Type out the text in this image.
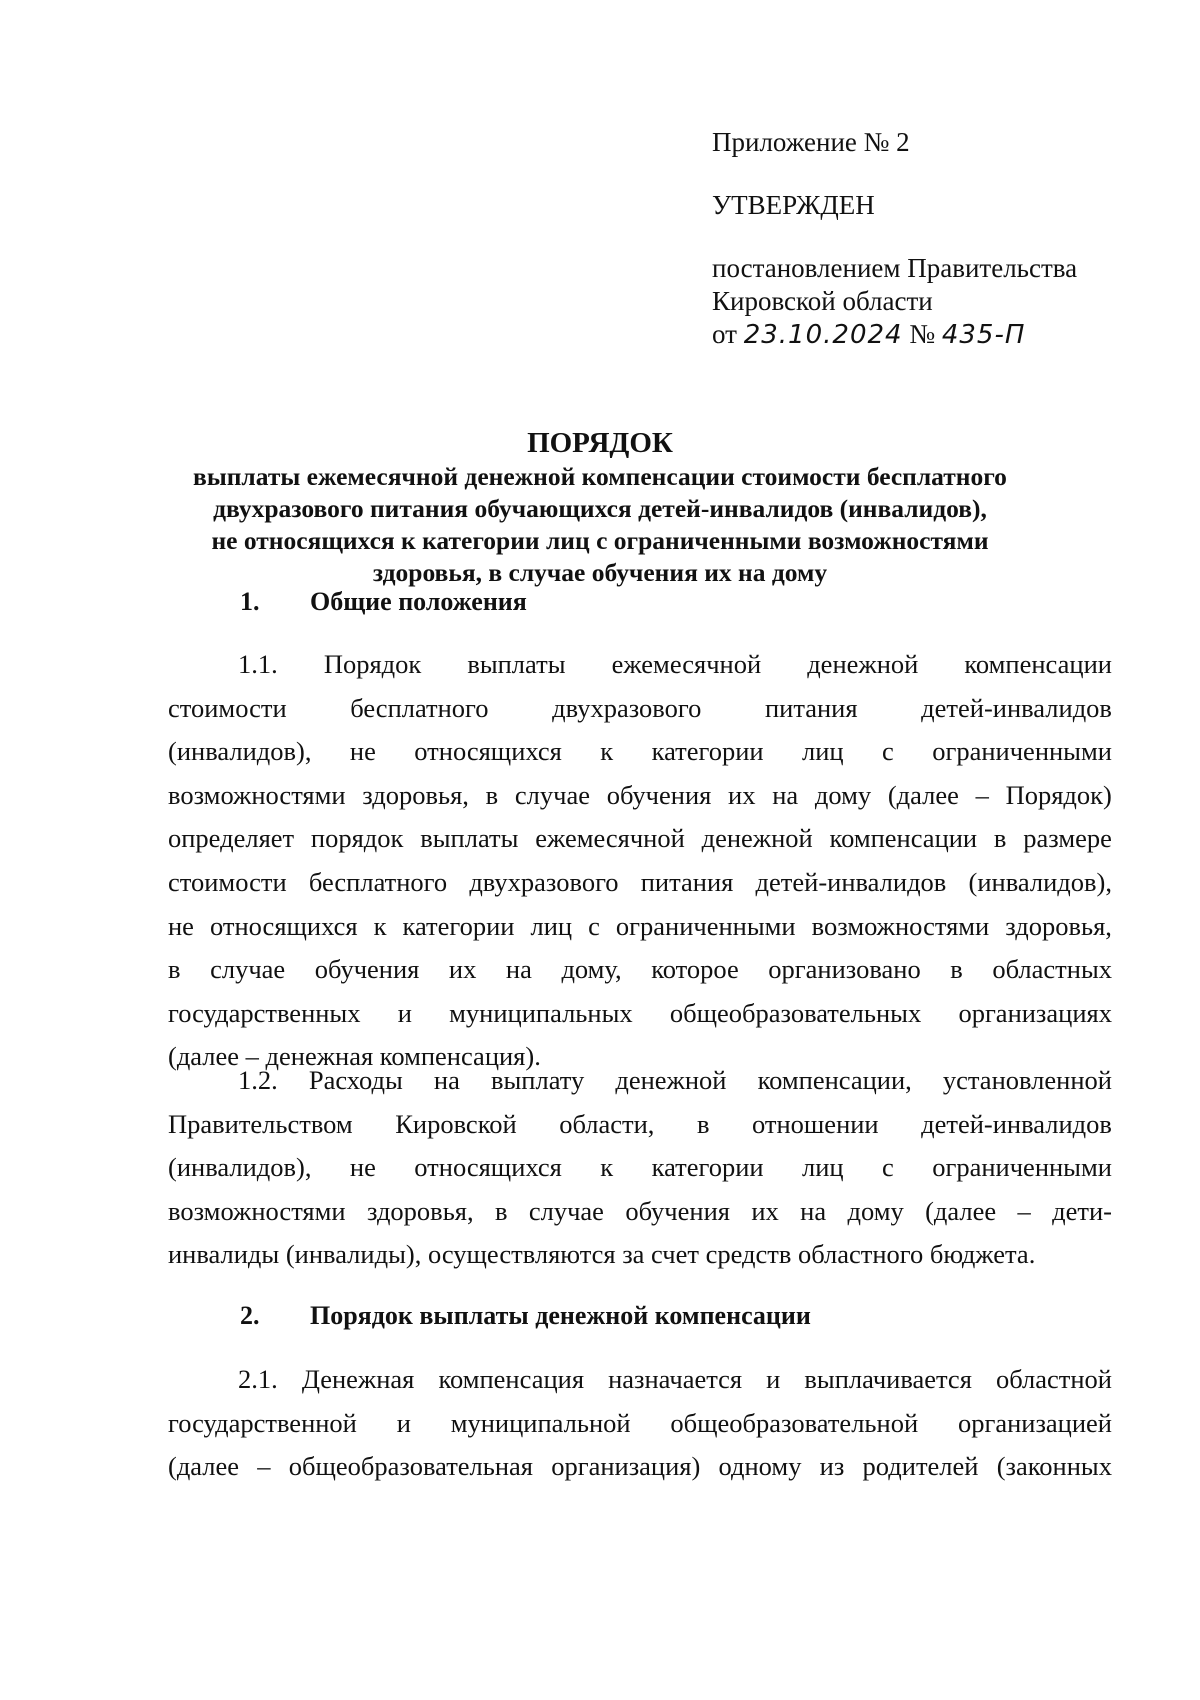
Приложение № 2
УТВЕРЖДЕН
постановлением Правительства
Кировской области
от 23.10.2024 № 435-П
ПОРЯДОК
выплаты ежемесячной денежной компенсации стоимости бесплатного
двухразового питания обучающихся детей-инвалидов (инвалидов),
не относящихся к категории лиц с ограниченными возможностями
здоровья, в случае обучения их на дому
1. Общие положения
1.1. Порядок выплаты ежемесячной денежной компенсации
стоимости бесплатного двухразового питания детей-инвалидов
(инвалидов), не относящихся к категории лиц с ограниченными
возможностями здоровья, в случае обучения их на дому (далее – Порядок)
определяет порядок выплаты ежемесячной денежной компенсации в размере
стоимости бесплатного двухразового питания детей-инвалидов (инвалидов),
не относящихся к категории лиц с ограниченными возможностями здоровья,
в случае обучения их на дому, которое организовано в областных
государственных и муниципальных общеобразовательных организациях
(далее – денежная компенсация).
1.2. Расходы на выплату денежной компенсации, установленной
Правительством Кировской области, в отношении детей-инвалидов
(инвалидов), не относящихся к категории лиц с ограниченными
возможностями здоровья, в случае обучения их на дому (далее – дети-
инвалиды (инвалиды), осуществляются за счет средств областного бюджета.
2. Порядок выплаты денежной компенсации
2.1. Денежная компенсация назначается и выплачивается областной
государственной и муниципальной общеобразовательной организацией
(далее – общеобразовательная организация) одному из родителей (законных
